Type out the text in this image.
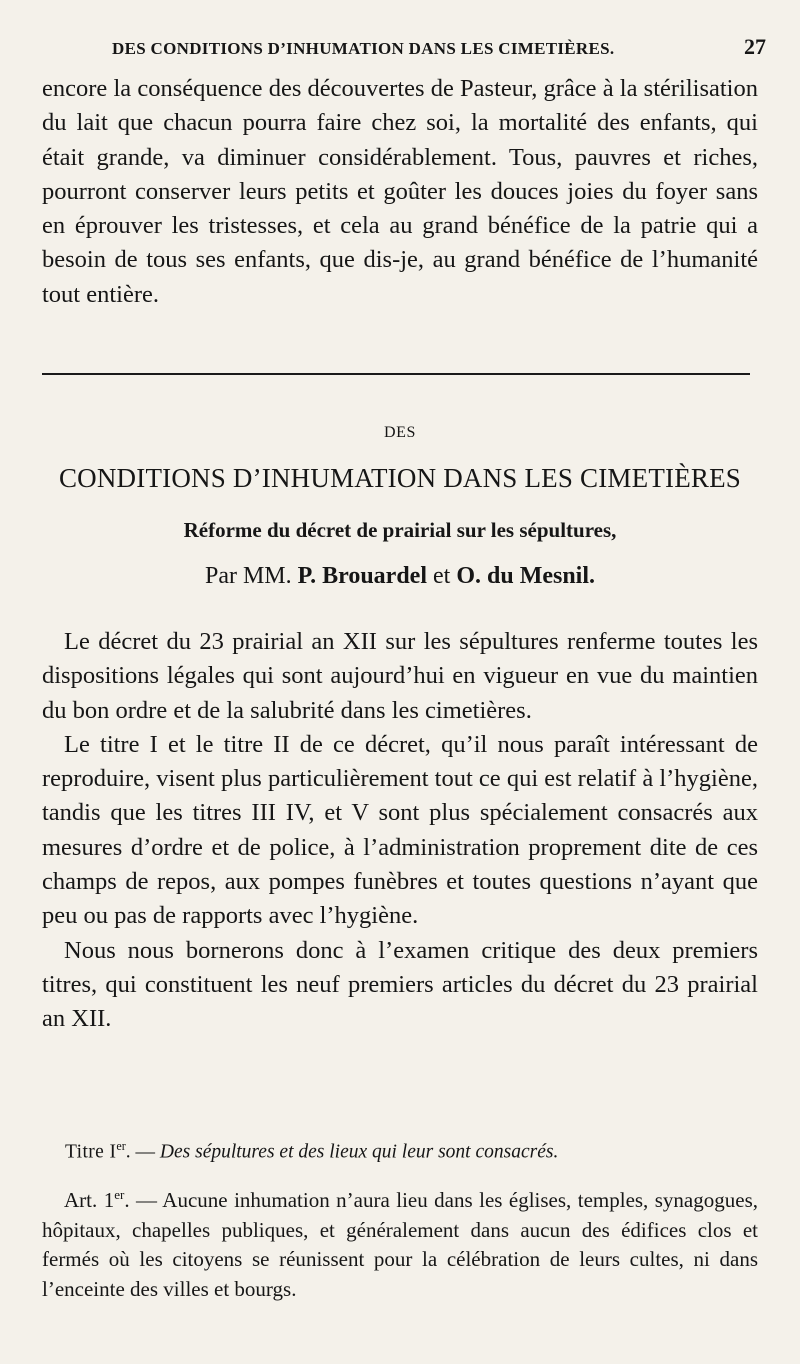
DES CONDITIONS D’INHUMATION DANS LES CIMETIÈRES.	27

encore la conséquence des découvertes de Pasteur, grâce à la stérilisation du lait que chacun pourra faire chez soi, la mortalité des enfants, qui était grande, va diminuer considérablement. Tous, pauvres et riches, pourront conserver leurs petits et goûter les douces joies du foyer sans en éprouver les tristesses, et cela au grand bénéfice de la patrie qui a besoin de tous ses enfants, que dis-je, au grand bénéfice de l’humanité tout entière.

DES
CONDITIONS D’INHUMATION DANS LES CIMETIÈRES
Réforme du décret de prairial sur les sépultures,
Par MM. P. Brouardel et O. du Mesnil.

Le décret du 23 prairial an XII sur les sépultures renferme toutes les dispositions légales qui sont aujourd’hui en vigueur en vue du maintien du bon ordre et de la salubrité dans les cimetières.

Le titre I et le titre II de ce décret, qu’il nous paraît intéressant de reproduire, visent plus particulièrement tout ce qui est relatif à l’hygiène, tandis que les titres III IV, et V sont plus spécialement consacrés aux mesures d’ordre et de police, à l’administration proprement dite de ces champs de repos, aux pompes funèbres et toutes questions n’ayant que peu ou pas de rapports avec l’hygiène.

Nous nous bornerons donc à l’examen critique des deux premiers titres, qui constituent les neuf premiers articles du décret du 23 prairial an XII.

Titre Ier. — Des sépultures et des lieux qui leur sont consacrés.

Art. 1er. — Aucune inhumation n’aura lieu dans les églises, temples, synagogues, hôpitaux, chapelles publiques, et généralement dans aucun des édifices clos et fermés où les citoyens se réunissent pour la célébration de leurs cultes, ni dans l’enceinte des villes et bourgs.
